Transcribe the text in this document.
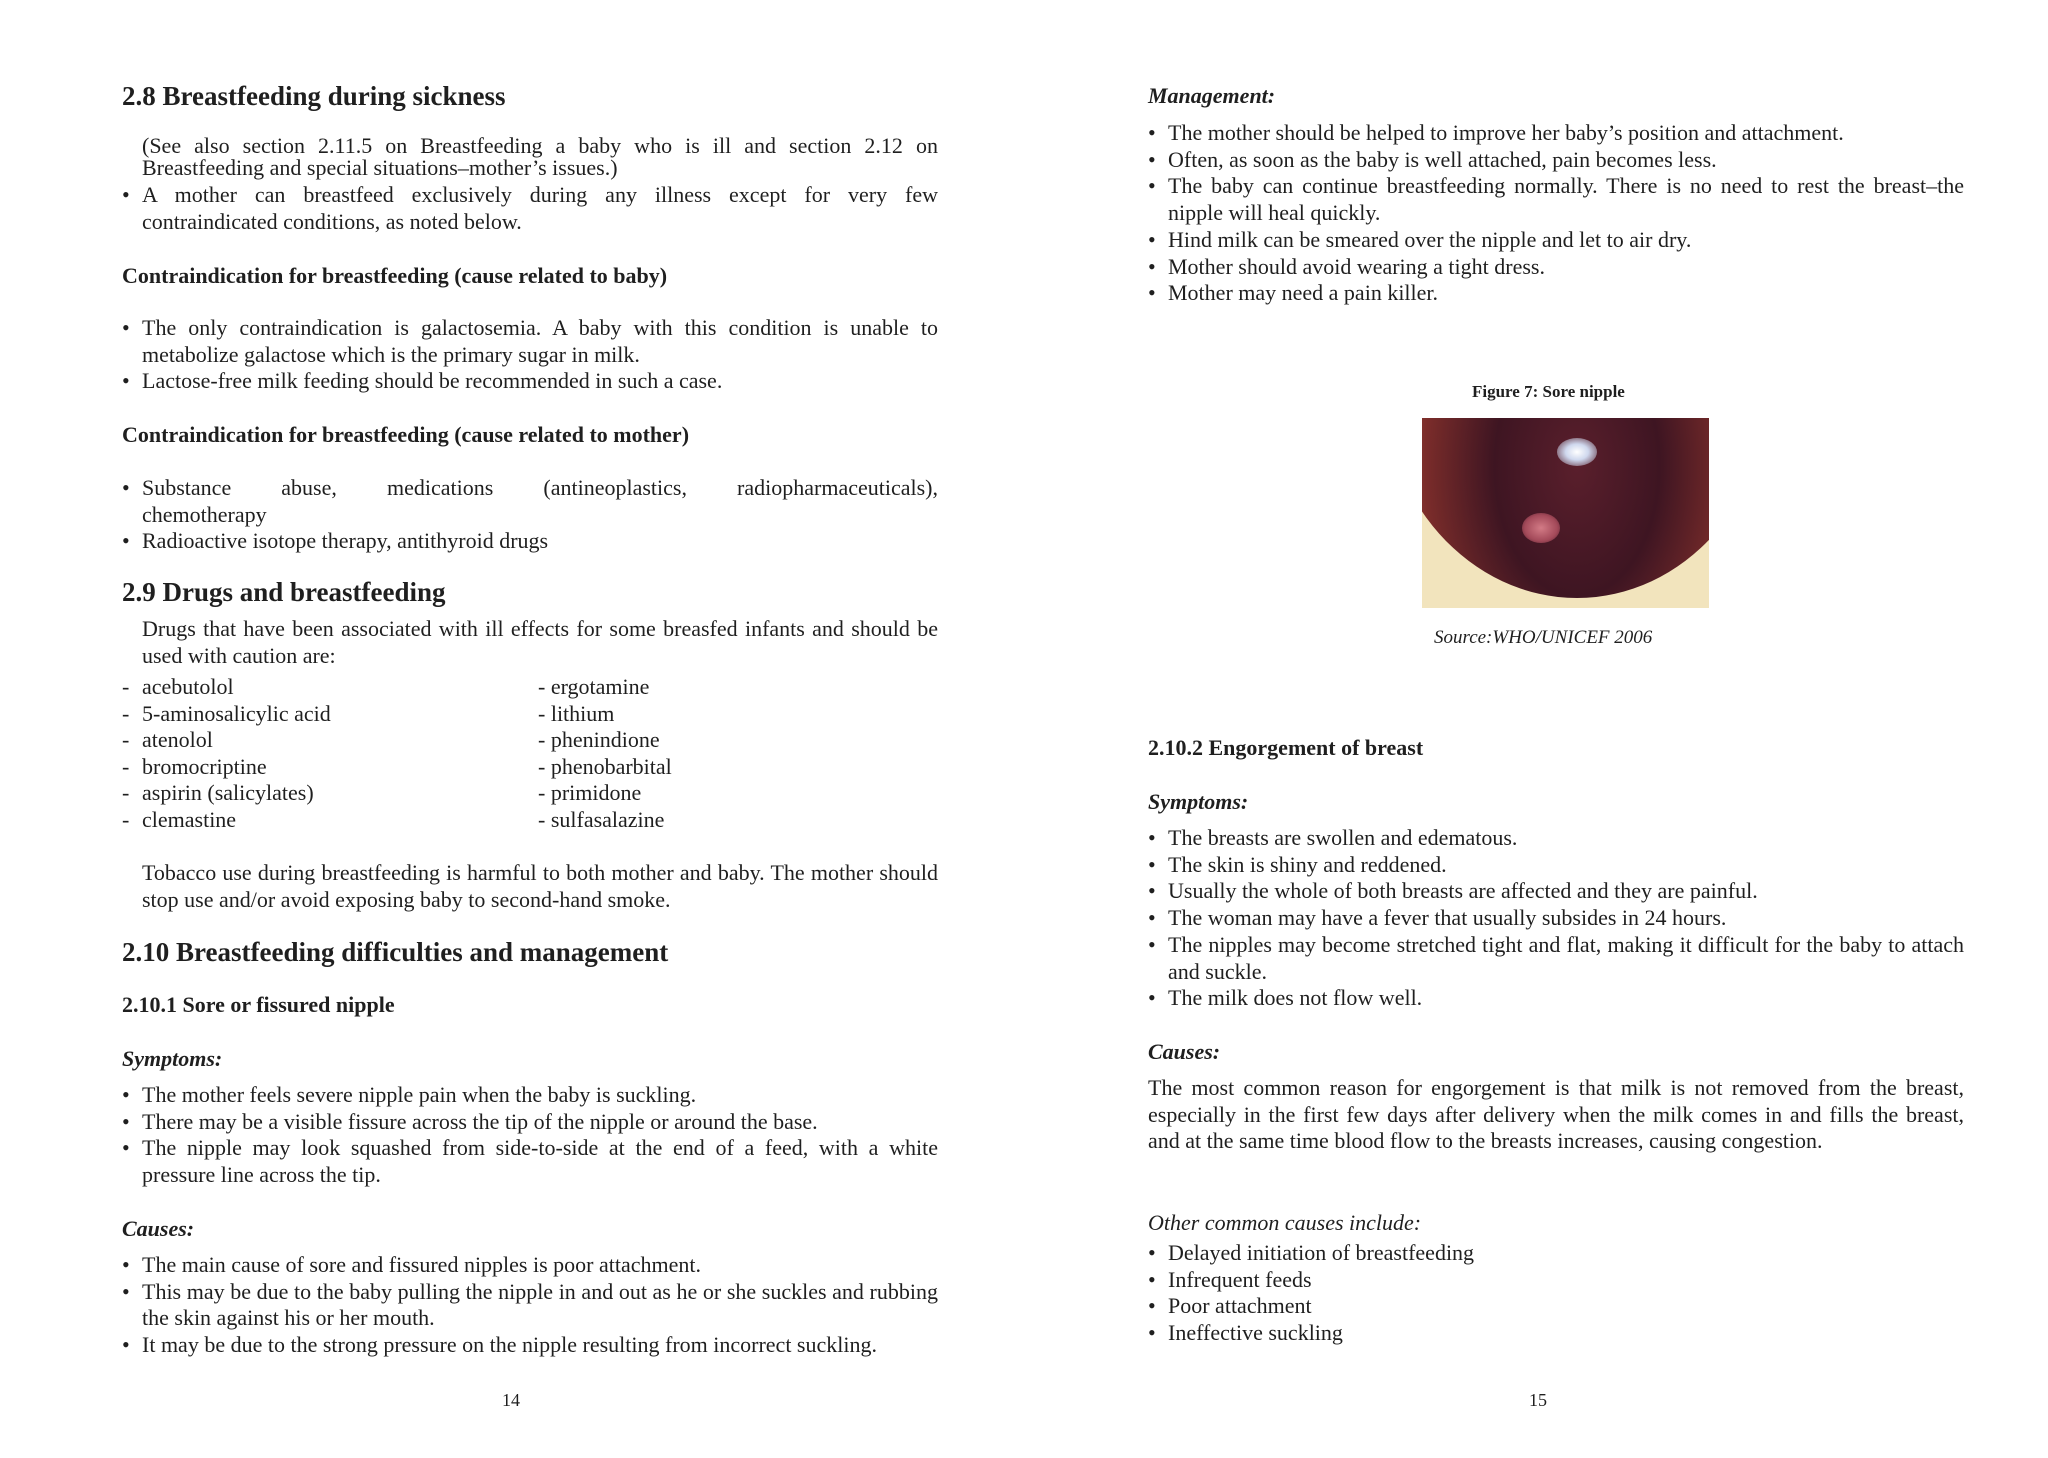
2.8 Breastfeeding during sickness
(See also section 2.11.5 on Breastfeeding a baby who is ill and section 2.12 on
Breastfeeding and special situations–mother’s issues.)
• A mother can breastfeed exclusively during any illness except for very few contraindicated conditions, as noted below.
Contraindication for breastfeeding (cause related to baby)
• The only contraindication is galactosemia. A baby with this condition is unable to metabolize galactose which is the primary sugar in milk.
• Lactose-free milk feeding should be recommended in such a case.
Contraindication for breastfeeding (cause related to mother)
• Substance abuse, medications (antineoplastics, radiopharmaceuticals),
chemotherapy
• Radioactive isotope therapy, antithyroid drugs
2.9 Drugs and breastfeeding
Drugs that have been associated with ill effects for some breasfed infants and should be used with caution are:
- acebutolol
- 5-aminosalicylic acid
- atenolol
- bromocriptine
- aspirin (salicylates)
- clemastine
- ergotamine
- lithium
- phenindione
- phenobarbital
- primidone
- sulfasalazine
Tobacco use during breastfeeding is harmful to both mother and baby. The mother should stop use and/or avoid exposing baby to second-hand smoke.
2.10 Breastfeeding difficulties and management
2.10.1 Sore or fissured nipple
Symptoms:
• The mother feels severe nipple pain when the baby is suckling.
• There may be a visible fissure across the tip of the nipple or around the base.
• The nipple may look squashed from side-to-side at the end of a feed, with a white pressure line across the tip.
Causes:
• The main cause of sore and fissured nipples is poor attachment.
• This may be due to the baby pulling the nipple in and out as he or she suckles and rubbing the skin against his or her mouth.
• It may be due to the strong pressure on the nipple resulting from incorrect suckling.
14
Management:
• The mother should be helped to improve her baby’s position and attachment.
• Often, as soon as the baby is well attached, pain becomes less.
• The baby can continue breastfeeding normally. There is no need to rest the breast–the nipple will heal quickly.
• Hind milk can be smeared over the nipple and let to air dry.
• Mother should avoid wearing a tight dress.
• Mother may need a pain killer.
Figure 7: Sore nipple
Source:WHO/UNICEF 2006
2.10.2 Engorgement of breast
Symptoms:
• The breasts are swollen and edematous.
• The skin is shiny and reddened.
• Usually the whole of both breasts are affected and they are painful.
• The woman may have a fever that usually subsides in 24 hours.
• The nipples may become stretched tight and flat, making it difficult for the baby to attach and suckle.
• The milk does not flow well.
Causes:
The most common reason for engorgement is that milk is not removed from the breast, especially in the first few days after delivery when the milk comes in and fills the breast, and at the same time blood flow to the breasts increases, causing congestion.
Other common causes include:
• Delayed initiation of breastfeeding
• Infrequent feeds
• Poor attachment
• Ineffective suckling
15
